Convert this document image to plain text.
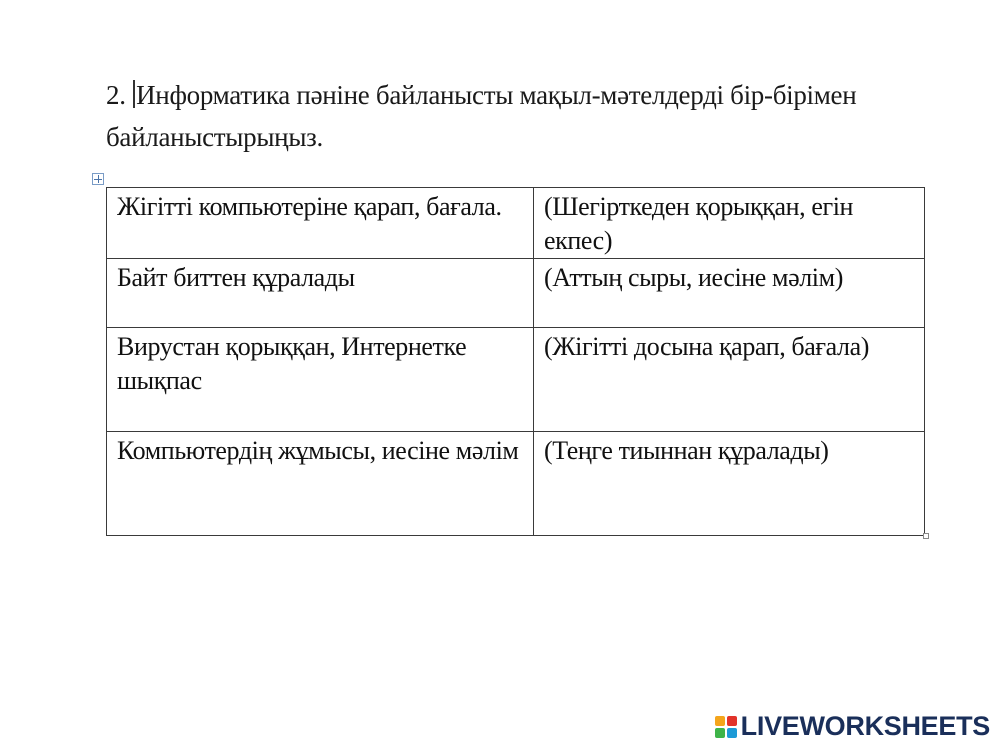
2. Информатика пәніне байланысты мақыл-мәтелдерді бір-бірімен
байланыстырыңыз.
Жігітті компьютеріне қарап, бағала.	(Шегірткеден қорыққан, егін екпес)
Байт биттен құралады	(Аттың сыры, иесіне мәлім)
Вирустан қорыққан, Интернетке шықпас	(Жігітті досына қарап, бағала)
Компьютердің жұмысы, иесіне мәлім	(Теңге тиыннан құралады)
LIVEWORKSHEETS
